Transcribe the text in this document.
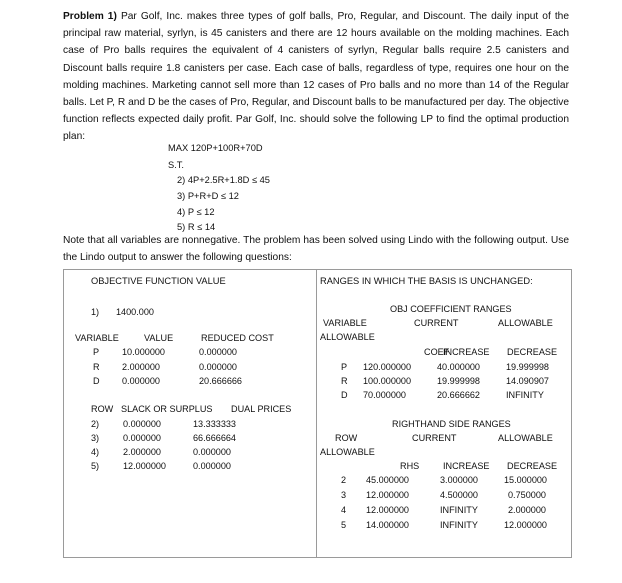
Problem 1) Par Golf, Inc. makes three types of golf balls, Pro, Regular, and Discount. The daily input of the principal raw material, syrlyn, is 45 canisters and there are 12 hours available on the molding machines. Each case of Pro balls requires the equivalent of 4 canisters of syrlyn, Regular balls require 2.5 canisters and Discount balls require 1.8 canisters per case. Each case of balls, regardless of type, requires one hour on the molding machines. Marketing cannot sell more than 12 cases of Pro balls and no more than 14 of the Regular balls. Let P, R and D be the cases of Pro, Regular, and Discount balls to be manufactured per day. The objective function reflects expected daily profit. Par Golf, Inc. should solve the following LP to find the optimal production plan:
MAX 120P+100R+70D
S.T.
2) 4P+2.5R+1.8D ≤ 45
3) P+R+D ≤ 12
4) P ≤ 12
5) R ≤ 14
Note that all variables are nonnegative. The problem has been solved using Lindo with the following output. Use the Lindo output to answer the following questions:
OBJECTIVE FUNCTION VALUE
1) 1400.000
VARIABLE	VALUE	REDUCED COST
P	10.000000	0.000000
R 2.000000	0.000000
D 0.000000	20.666666
ROW SLACK OR SURPLUS DUAL PRICES
2)	0.000000	13.333333
3)	0.000000	66.666664
4)	2.000000	0.000000
5)	12.000000	0.000000
RANGES IN WHICH THE BASIS IS UNCHANGED:
OBJ COEFFICIENT RANGES
VARIABLE	CURRENT	ALLOWABLE
ALLOWABLE
COEF
INCREASE DECREASE
P 120.000000	40.000000	19.999998
R 100.000000	19.999998	14.090907
D 70.000000	20.666662	INFINITY
RIGHTHAND SIDE RANGES
ROW	CURRENT	ALLOWABLE
ALLOWABLE
RHS	INCREASE DECREASE
2 45.000000	3.000000	15.000000
3 12.000000	4.500000	0.750000
4 12.000000	INFINITY	2.000000
5 14.000000	INFINITY	12.000000
